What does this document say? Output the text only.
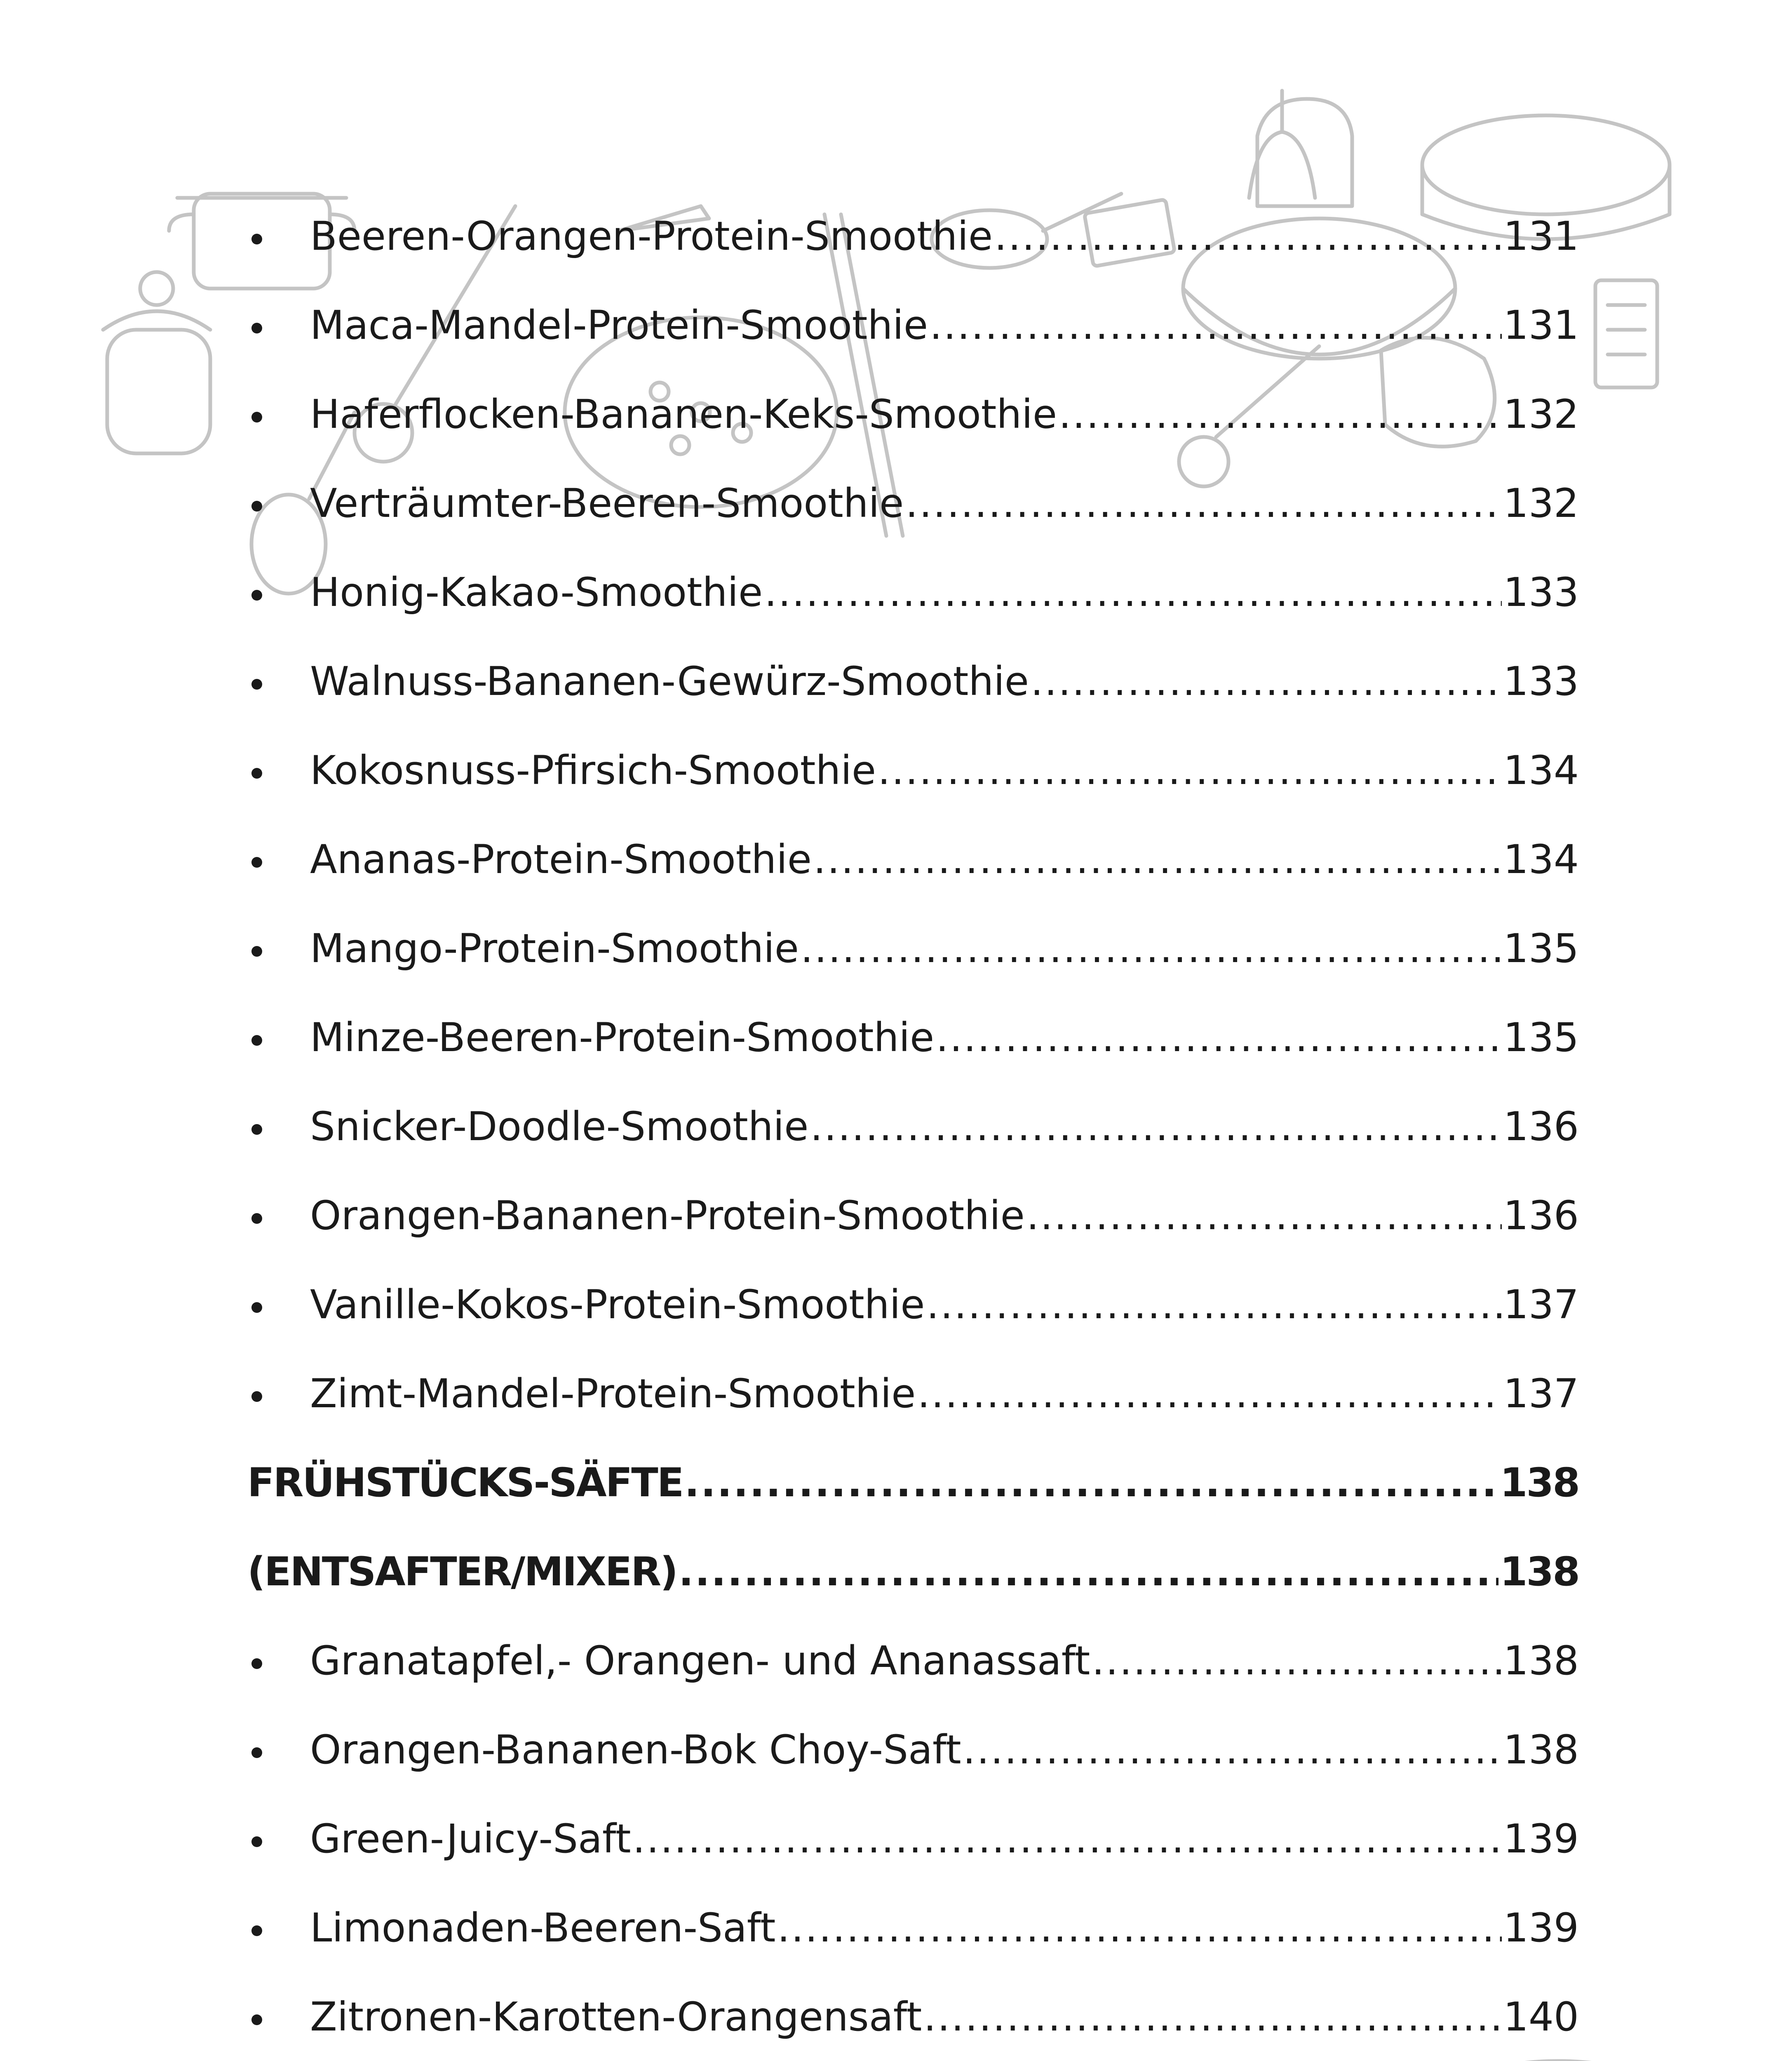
Beeren-Orangen-Protein-Smoothie .....	131
Maca-Mandel-Protein-Smoothie .....	131
Haferflocken-Bananen-Keks-Smoothie .....	132
Verträumter-Beeren-Smoothie .....	132
Honig-Kakao-Smoothie .....	133
Walnuss-Bananen-Gewürz-Smoothie .....	133
Kokosnuss-Pfirsich-Smoothie .....	134
Ananas-Protein-Smoothie .....	134
Mango-Protein-Smoothie .....	135
Minze-Beeren-Protein-Smoothie .....	135
Snicker-Doodle-Smoothie .....	136
Orangen-Bananen-Protein-Smoothie .....	136
Vanille-Kokos-Protein-Smoothie .....	137
Zimt-Mandel-Protein-Smoothie .....	137
FRÜHSTÜCKS-SÄFTE .....	138
(ENTSAFTER/MIXER) .....	138
Granatapfel,- Orangen- und Ananassaft .....	138
Orangen-Bananen-Bok Choy-Saft .....	138
Green-Juicy-Saft .....	139
Limonaden-Beeren-Saft .....	139
Zitronen-Karotten-Orangensaft .....	140
